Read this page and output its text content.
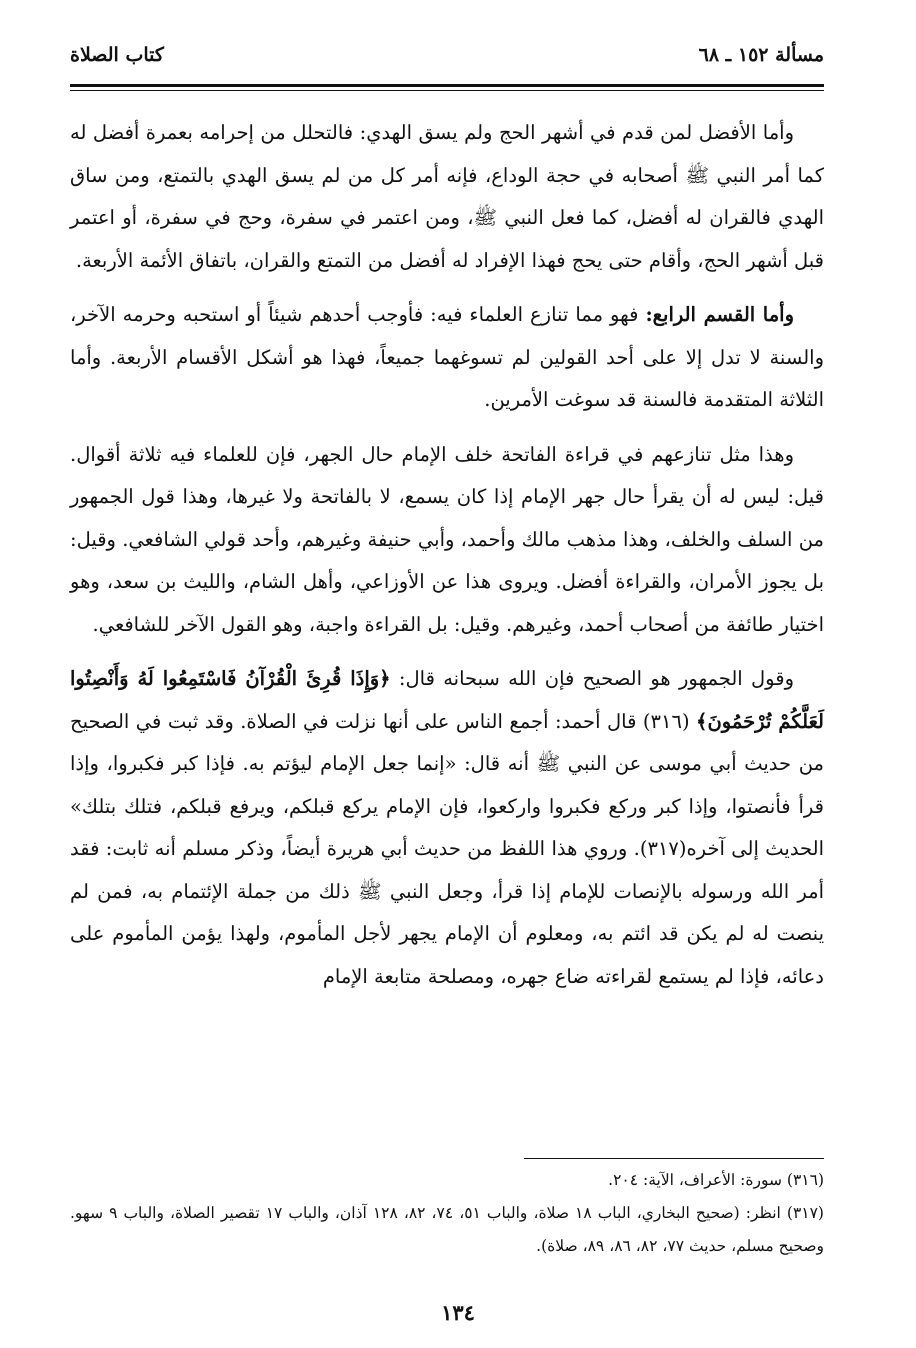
مسألة ١٥٢ ـ ٦٨
كتاب الصلاة

وأما الأفضل لمن قدم في أشهر الحج ولم يسق الهدي: فالتحلل من إحرامه بعمرة أفضل له كما أمر النبي ﷺ أصحابه في حجة الوداع، فإنه أمر كل من لم يسق الهدي بالتمتع، ومن ساق الهدي فالقران له أفضل، كما فعل النبي ﷺ، ومن اعتمر في سفرة، وحج في سفرة، أو اعتمر قبل أشهر الحج، وأقام حتى يحج فهذا الإفراد له أفضل من التمتع والقران، باتفاق الأئمة الأربعة.

وأما القسم الرابع: فهو مما تنازع العلماء فيه: فأوجب أحدهم شيئاً أو استحبه وحرمه الآخر، والسنة لا تدل إلا على أحد القولين لم تسوغهما جميعاً، فهذا هو أشكل الأقسام الأربعة. وأما الثلاثة المتقدمة فالسنة قد سوغت الأمرين.

وهذا مثل تنازعهم في قراءة الفاتحة خلف الإمام حال الجهر، فإن للعلماء فيه ثلاثة أقوال. قيل: ليس له أن يقرأ حال جهر الإمام إذا كان يسمع، لا بالفاتحة ولا غيرها، وهذا قول الجمهور من السلف والخلف، وهذا مذهب مالك وأحمد، وأبي حنيفة وغيرهم، وأحد قولي الشافعي. وقيل: بل يجوز الأمران، والقراءة أفضل. ويروى هذا عن الأوزاعي، وأهل الشام، والليث بن سعد، وهو اختيار طائفة من أصحاب أحمد، وغيرهم. وقيل: بل القراءة واجبة، وهو القول الآخر للشافعي.

وقول الجمهور هو الصحيح فإن الله سبحانه قال: ﴿وَإِذَا قُرِئَ الْقُرْآنُ فَاسْتَمِعُوا لَهُ وَأَنْصِتُوا لَعَلَّكُمْ تُرْحَمُونَ﴾ (٣١٦) قال أحمد: أجمع الناس على أنها نزلت في الصلاة. وقد ثبت في الصحيح من حديث أبي موسى عن النبي ﷺ أنه قال: «إنما جعل الإمام ليؤتم به. فإذا كبر فكبروا، وإذا قرأ فأنصتوا، وإذا كبر وركع فكبروا واركعوا، فإن الإمام يركع قبلكم، ويرفع قبلكم، فتلك بتلك» الحديث إلى آخره(٣١٧). وروي هذا اللفظ من حديث أبي هريرة أيضاً، وذكر مسلم أنه ثابت: فقد أمر الله ورسوله بالإنصات للإمام إذا قرأ، وجعل النبي ﷺ ذلك من جملة الإئتمام به، فمن لم ينصت له لم يكن قد ائتم به، ومعلوم أن الإمام يجهر لأجل المأموم، ولهذا يؤمن المأموم على دعائه، فإذا لم يستمع لقراءته ضاع جهره، ومصلحة متابعة الإمام

(٣١٦) سورة: الأعراف، الآية: ٢٠٤.

(٣١٧) انظر: (صحيح البخاري، الباب ١٨ صلاة، والباب ٥١، ٧٤، ٨٢، ١٢٨ آذان، والباب ١٧ تقصير الصلاة، والباب ٩ سهو. وصحيح مسلم، حديث ٧٧، ٨٢، ٨٦، ٨٩، صلاة).

١٣٤
